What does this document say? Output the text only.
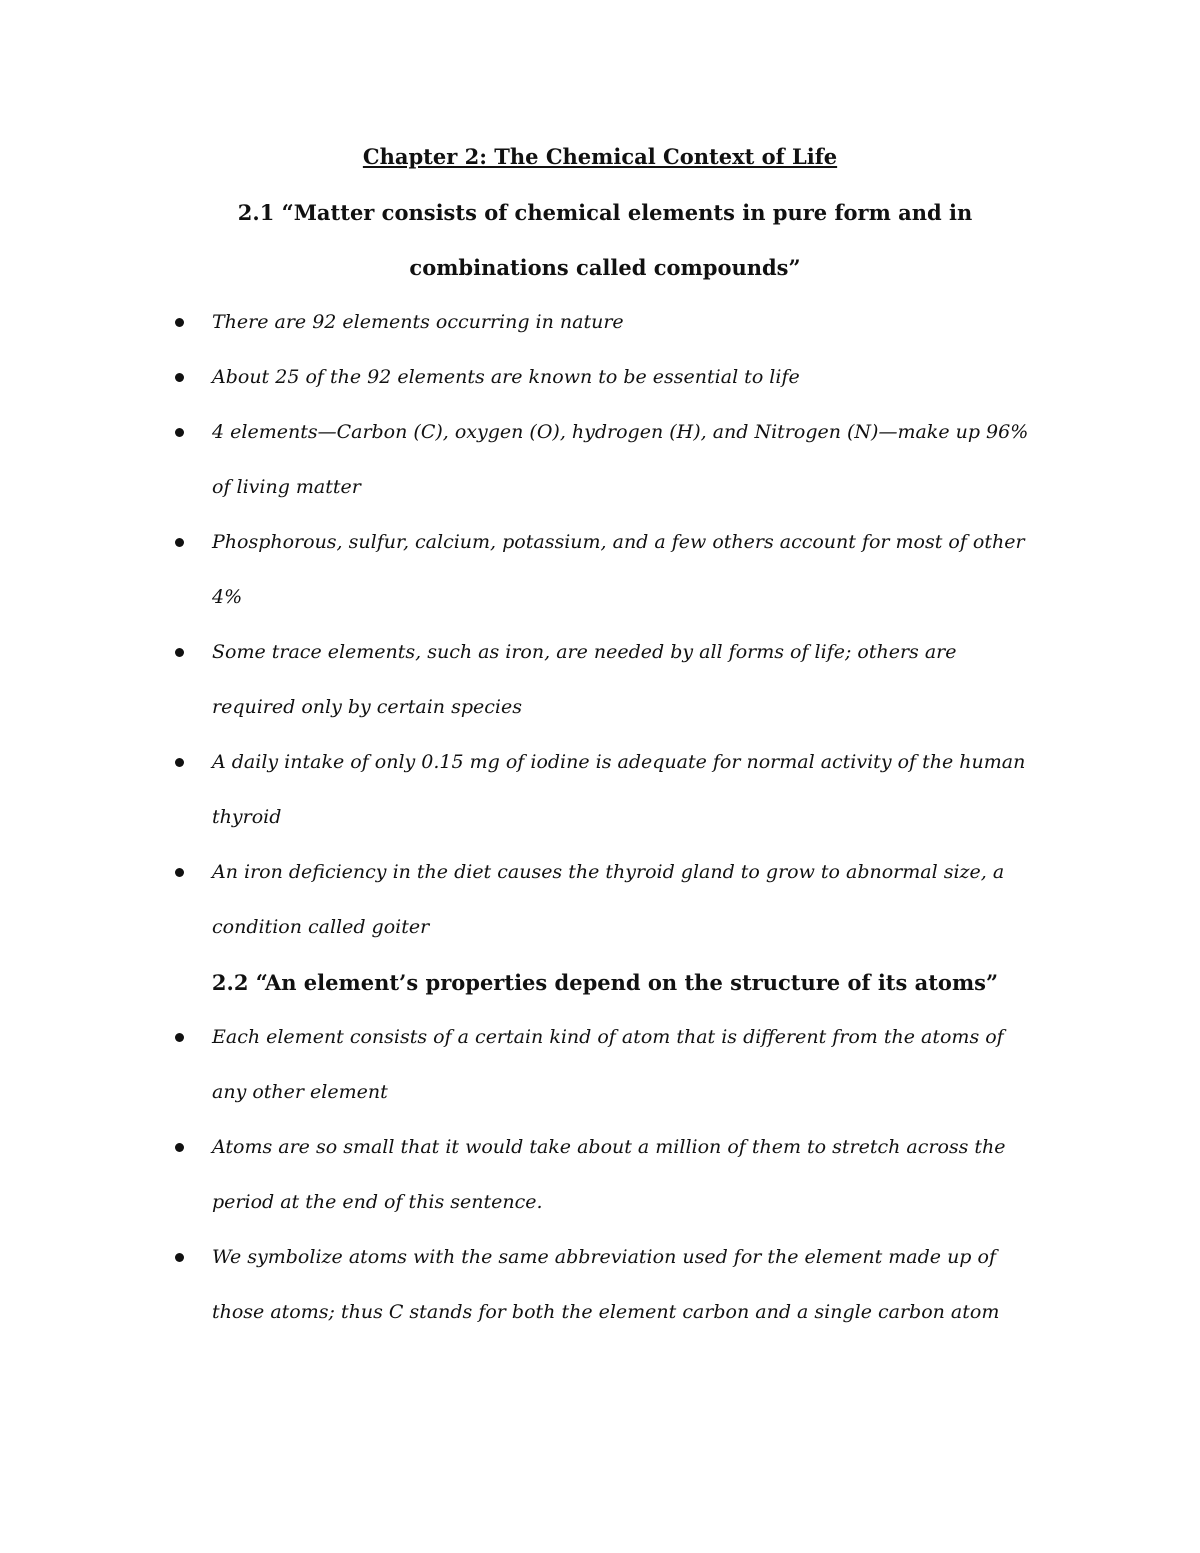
Chapter 2: The Chemical Context of Life
2.1 “Matter consists of chemical elements in pure form and in combinations called compounds”
There are 92 elements occurring in nature
About 25 of the 92 elements are known to be essential to life
4 elements—Carbon (C), oxygen (O), hydrogen (H), and Nitrogen (N)—make up 96% of living matter
Phosphorous, sulfur, calcium, potassium, and a few others account for most of other 4%
Some trace elements, such as iron, are needed by all forms of life; others are required only by certain species
A daily intake of only 0.15 mg of iodine is adequate for normal activity of the human thyroid
An iron deficiency in the diet causes the thyroid gland to grow to abnormal size, a condition called goiter
2.2 “An element’s properties depend on the structure of its atoms”
Each element consists of a certain kind of atom that is different from the atoms of any other element
Atoms are so small that it would take about a million of them to stretch across the period at the end of this sentence.
We symbolize atoms with the same abbreviation used for the element made up of those atoms; thus C stands for both the element carbon and a single carbon atom
